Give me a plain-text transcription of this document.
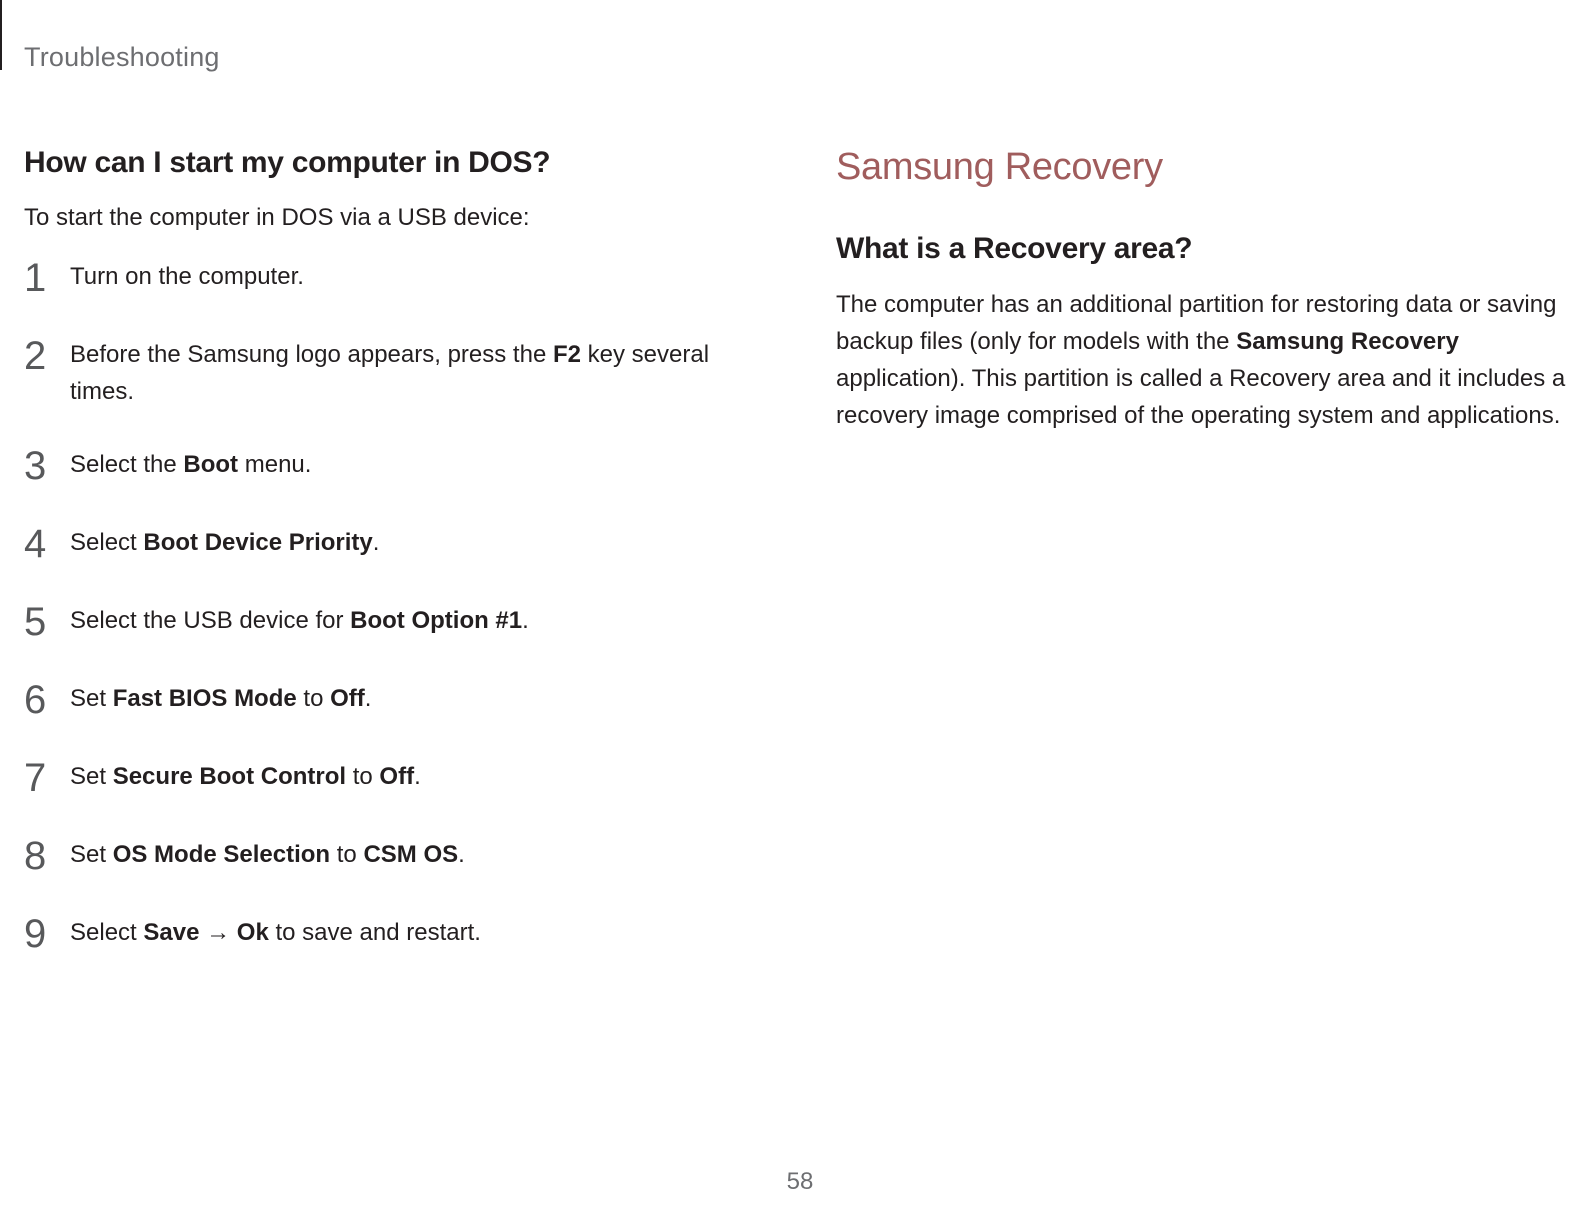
Troubleshooting
How can I start my computer in DOS?

To start the computer in DOS via a USB device:

1 Turn on the computer.
2 Before the Samsung logo appears, press the F2 key several times.
3 Select the Boot menu.
4 Select Boot Device Priority.
5 Select the USB device for Boot Option #1.
6 Set Fast BIOS Mode to Off.
7 Set Secure Boot Control to Off.
8 Set OS Mode Selection to CSM OS.
9 Select Save → Ok to save and restart.
Samsung Recovery
What is a Recovery area?

The computer has an additional partition for restoring data or saving backup files (only for models with the Samsung Recovery application). This partition is called a Recovery area and it includes a recovery image comprised of the operating system and applications.

58
